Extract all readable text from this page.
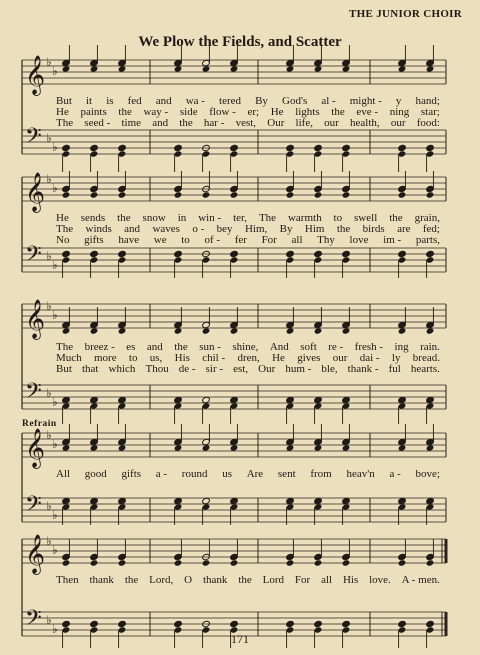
THE JUNIOR CHOIR
We Plow the Fields, and Scatter
𝄞 ♭
♭
𝄢 ♭
♭
𝄞 ♭
♭
𝄢 ♭
♭
𝄞 ♭
♭
𝄢 ♭
♭
𝄞 ♭
♭
𝄢 ♭
♭
𝄞 ♭
♭
𝄢 ♭
♭
Refrain
But it is fed and wa - tered By God's al - might - y hand;
He paints the way - side flow - er; He lights the eve - ning star;
The seed - time and the har - vest, Our life, our health, our food:
He sends the snow in win - ter, The warmth to swell the grain,
The winds and waves o - bey Him, By Him the birds are fed;
No gifts have we to of - fer For all Thy love im - parts,
The breez - es and the sun - shine, And soft re - fresh - ing rain.
Much more to us, His chil - dren, He gives our dai - ly bread.
But that which Thou de - sir - est, Our hum - ble, thank - ful hearts.
All good gifts a - round us Are sent from heav'n a - bove;
Then thank the Lord, O thank the Lord For all His love. A - men.
171
